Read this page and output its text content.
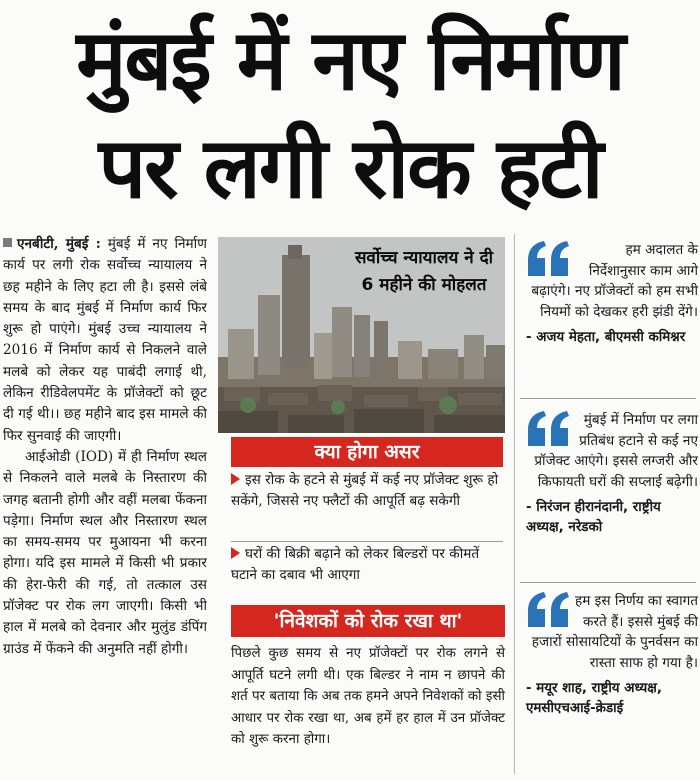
मुंबई में नए निर्माण
पर लगी रोक हटी

एनबीटी, मुंबई : मुंबई में नए निर्माण कार्य पर लगी रोक सर्वोच्च न्यायालय ने छह महीने के लिए हटा ली है। इससे लंबे समय के बाद मुंबई में निर्माण कार्य फिर शुरू हो पाएंगे। मुंबई उच्च न्यायालय ने 2016 में निर्माण कार्य से निकलने वाले मलबे को लेकर यह पाबंदी लगाई थी, लेकिन रीडिवेलपमेंट के प्रॉजेक्टों को छूट दी गई थी।। छह महीने बाद इस मामले की फिर सुनवाई की जाएगी।

आईओडी (IOD) में ही निर्माण स्थल से निकलने वाले मलबे के निस्तारण की जगह बतानी होगी और वहीं मलबा फेंकना पड़ेगा। निर्माण स्थल और निस्तारण स्थल का समय-समय पर मुआयना भी करना होगा। यदि इस मामले में किसी भी प्रकार की हेरा-फेरी की गई, तो तत्काल उस प्रॉजेक्ट पर रोक लग जाएगी। किसी भी हाल में मलबे को देवनार और मुलुंड डंपिंग ग्राउंड में फेंकने की अनुमति नहीं होगी।

सर्वोच्च न्यायालय ने दी 6 महीने की मोहलत
क्या होगा असर
इस रोक के हटने से मुंबई में कई नए प्रॉजेक्ट शुरू हो सकेंगे, जिससे नए फ्लैटों की आपूर्ति बढ़ सकेगी
घरों की बिक्री बढ़ाने को लेकर बिल्डरों पर कीमतें घटाने का दबाव भी आएगा
'निवेशकों को रोक रखा था'
पिछले कुछ समय से नए प्रॉजेक्टों पर रोक लगने से आपूर्ति घटने लगी थी। एक बिल्डर ने नाम न छापने की शर्त पर बताया कि अब तक हमने अपने निवेशकों को इसी आधार पर रोक रखा था, अब हमें हर हाल में उन प्रॉजेक्ट को शुरू करना होगा।
हम अदालत के निर्देशानुसार काम आगे बढ़ाएंगे। नए प्रॉजेक्टों को हम सभी नियमों को देखकर हरी झंडी देंगे।
- अजय मेहता, बीएमसी कमिश्नर
मुंबई में निर्माण पर लगा प्रतिबंध हटाने से कई नए प्रॉजेक्ट आएंगे। इससे लग्जरी और किफायती घरों की सप्लाई बढ़ेगी।
- निरंजन हीरानंदानी, राष्ट्रीय अध्यक्ष, नरेडको
हम इस निर्णय का स्वागत करते हैं। इससे मुंबई की हजारों सोसायटियों के पुनर्वसन का रास्ता साफ हो गया है।
- मयूर शाह, राष्ट्रीय अध्यक्ष, एमसीएचआई-क्रेडाई
